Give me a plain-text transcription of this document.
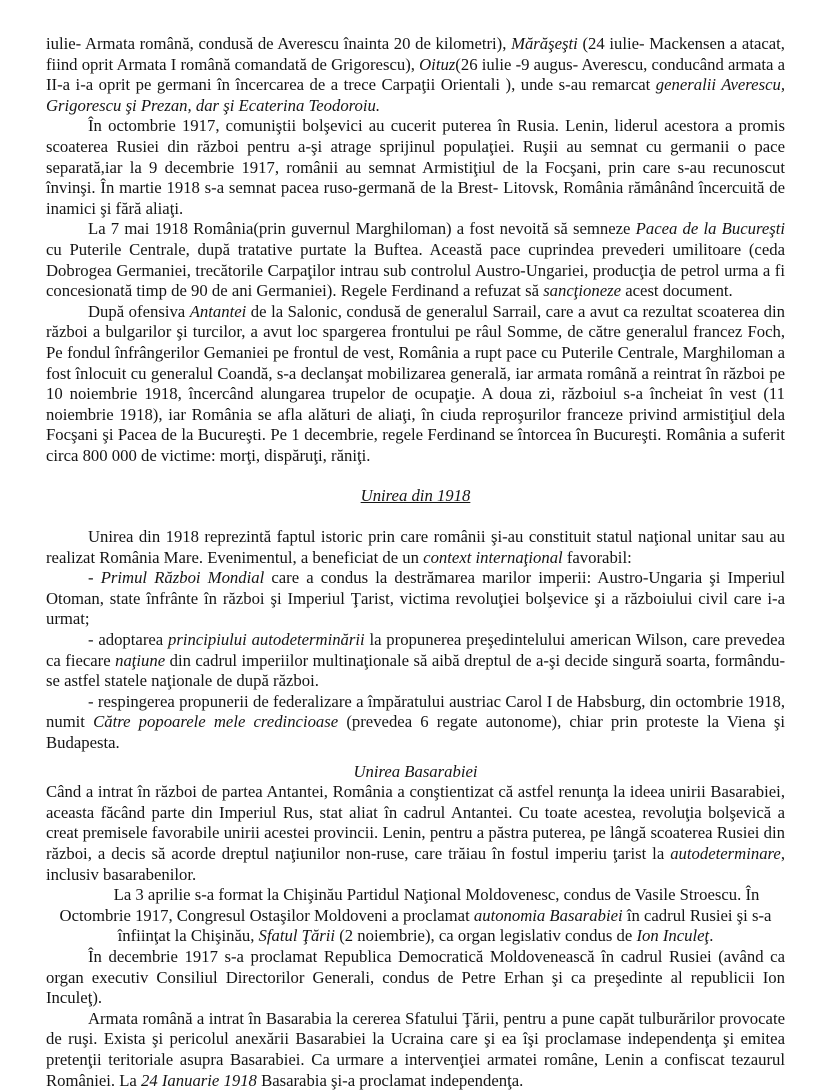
iulie- Armata română, condusă de Averescu înainta 20 de kilometri), Mărăşeşti (24 iulie- Mackensen a atacat, fiind oprit Armata I română comandată de Grigorescu), Oituz(26 iulie -9 augus- Averescu, conducând armata a II-a i-a oprit pe germani în încercarea de a trece Carpaţii Orientali ), unde s-au remarcat generalii Averescu, Grigorescu şi Prezan, dar şi Ecaterina Teodoroiu.

În octombrie 1917, comuniştii bolşevici au cucerit puterea în Rusia. Lenin, liderul acestora a promis scoaterea Rusiei din război pentru a-şi atrage sprijinul populaţiei. Ruşii au semnat cu germanii o pace separată,iar la 9 decembrie 1917, românii au semnat Armistiţiul de la Focşani, prin care s-au recunoscut învinşi. În martie 1918 s-a semnat pacea ruso-germană de la Brest- Litovsk, România rămânând încercuită de inamici şi fără aliaţi.

La 7 mai 1918 România(prin guvernul Marghiloman) a fost nevoită să semneze Pacea de la Bucureşti cu Puterile Centrale, după tratative purtate la Buftea. Această pace cuprindea prevederi umilitoare (ceda Dobrogea Germaniei, trecătorile Carpaţilor intrau sub controlul Austro-Ungariei, producţia de petrol urma a fi concesionată timp de 90 de ani Germaniei). Regele Ferdinand a refuzat să sancţioneze acest document.

După ofensiva Antantei de la Salonic, condusă de generalul Sarrail, care a avut ca rezultat scoaterea din război a bulgarilor şi turcilor, a avut loc spargerea frontului pe râul Somme, de către generalul francez Foch, Pe fondul înfrângerilor Gemaniei pe frontul de vest, România a rupt pace cu Puterile Centrale, Marghiloman a fost înlocuit cu generalul Coandă, s-a declanşat mobilizarea generală, iar armata română a reintrat în război pe 10 noiembrie 1918, încercând alungarea trupelor de ocupaţie. A doua zi, războiul s-a încheiat în vest (11 noiembrie 1918), iar România se afla alături de aliaţi, în ciuda reproşurilor franceze privind armistiţiul dela Focşani şi Pacea de la Bucureşti. Pe 1 decembrie, regele Ferdinand se întorcea în Bucureşti. România a suferit circa 800 000 de victime: morţi, dispăruţi, răniţi.

Unirea din 1918

Unirea din 1918 reprezintă faptul istoric prin care românii şi-au constituit statul naţional unitar sau au realizat România Mare. Evenimentul, a beneficiat de un context internaţional favorabil:

- Primul Război Mondial care a condus la destrămarea marilor imperii: Austro-Ungaria şi Imperiul Otoman, state înfrânte în război şi Imperiul Ţarist, victima revoluţiei bolşevice şi a războiului civil care i-a urmat;

- adoptarea principiului autodeterminării la propunerea preşedintelului american Wilson, care prevedea ca fiecare naţiune din cadrul imperiilor multinaţionale să aibă dreptul de a-şi decide singură soarta, formându-se astfel statele naţionale de după război.

- respingerea propunerii de federalizare a împăratului austriac Carol I de Habsburg, din octombrie 1918, numit Către popoarele mele credincioase (prevedea 6 regate autonome), chiar prin proteste la Viena şi Budapesta.

Unirea Basarabiei

Când a intrat în război de partea Antantei, România a conştientizat că astfel renunţa la ideea unirii Basarabiei, aceasta făcând parte din Imperiul Rus, stat aliat în cadrul Antantei. Cu toate acestea, revoluţia bolşevică a creat premisele favorabile unirii acestei provincii. Lenin, pentru a păstra puterea, pe lângă scoaterea Rusiei din război, a decis să acorde dreptul naţiunilor non-ruse, care trăiau în fostul imperiu ţarist la autodeterminare, inclusiv basarabenilor.

La 3 aprilie s-a format la Chişinău Partidul Naţional Moldovenesc, condus de Vasile Stroescu. În Octombrie 1917, Congresul Ostaşilor Moldoveni a proclamat autonomia Basarabiei în cadrul Rusiei şi s-a înfiinţat la Chişinău, Sfatul Ţării (2 noiembrie), ca organ legislativ condus de Ion Inculeţ.

În decembrie 1917 s-a proclamat Republica Democratică Moldovenească în cadrul Rusiei (având ca organ executiv Consiliul Directorilor Generali, condus de Petre Erhan şi ca preşedinte al republicii Ion Inculeţ).

Armata română a intrat în Basarabia la cererea Sfatului Ţării, pentru a pune capăt tulburărilor provocate de ruşi. Exista şi pericolul anexării Basarabiei la Ucraina care şi ea îşi proclamase independenţa şi emitea pretenţii teritoriale asupra Basarabiei. Ca urmare a intervenţiei armatei române, Lenin a confiscat tezaurul României. La 24 Ianuarie 1918 Basarabia şi-a proclamat independenţa.
